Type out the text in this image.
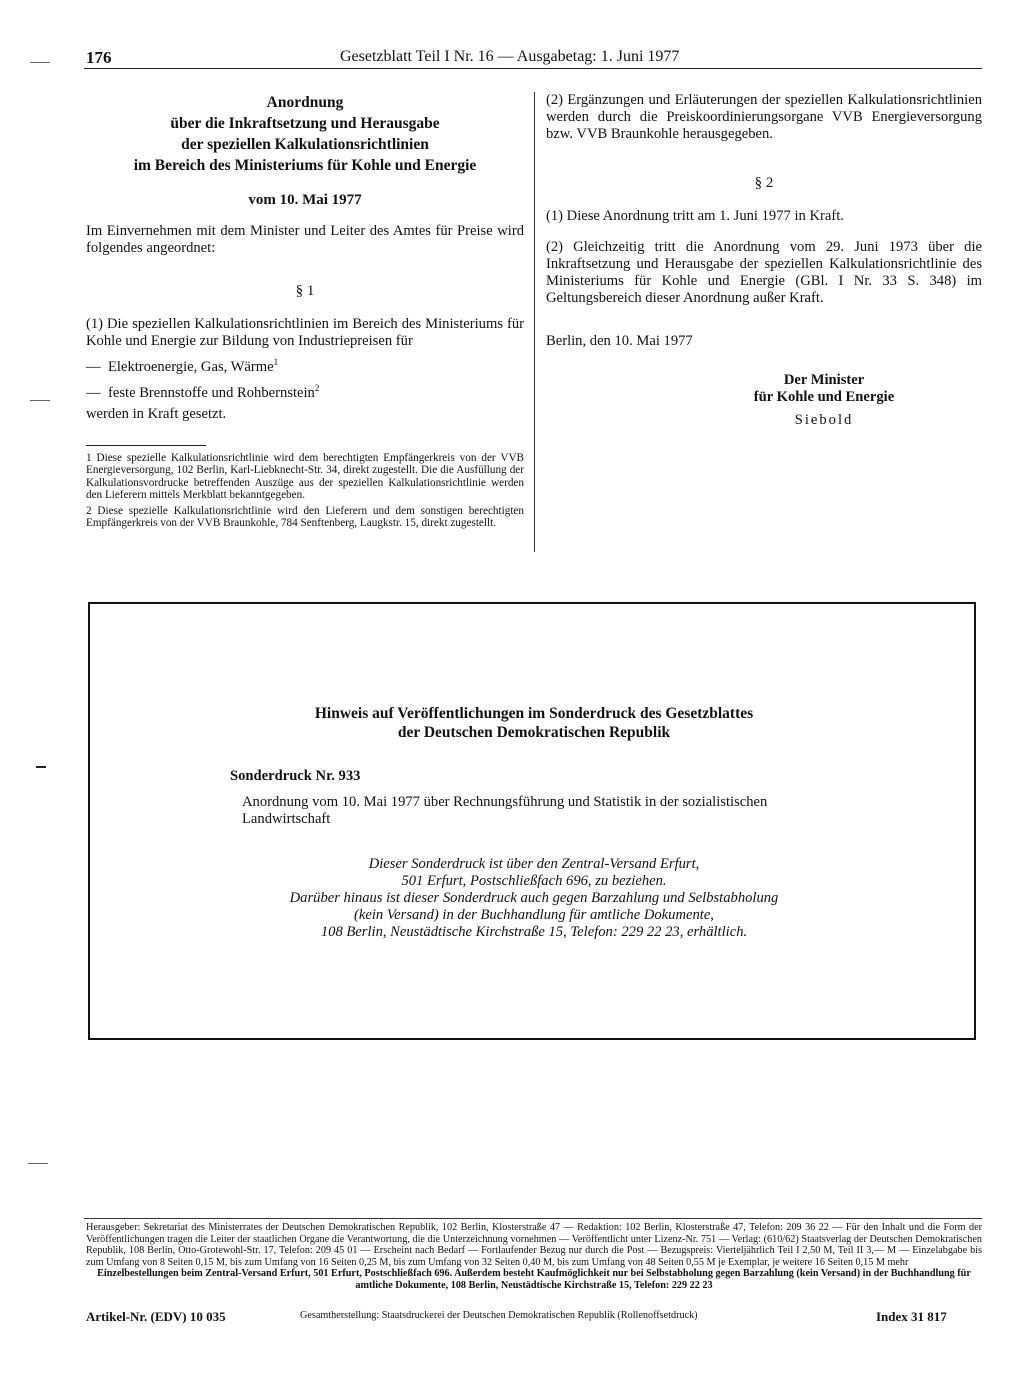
176	Gesetzblatt Teil I Nr. 16 — Ausgabetag: 1. Juni 1977
Anordnung
über die Inkraftsetzung und Herausgabe
der speziellen Kalkulationsrichtlinien
im Bereich des Ministeriums für Kohle und Energie
vom 10. Mai 1977

Im Einvernehmen mit dem Minister und Leiter des Amtes für Preise wird folgendes angeordnet:

§ 1

(1) Die speziellen Kalkulationsrichtlinien im Bereich des Ministeriums für Kohle und Energie zur Bildung von Industriepreisen für

— Elektroenergie, Gas, Wärme$^1$
— feste Brennstoffe und Rohbernstein$^2$
werden in Kraft gesetzt.
1 Diese spezielle Kalkulationsrichtlinie wird dem berechtigten Empfängerkreis von der VVB Energieversorgung, 102 Berlin, Karl-Liebknecht-Str. 34, direkt zugestellt. Die die Ausfüllung der Kalkulationsvordrucke betreffenden Auszüge aus der speziellen Kalkulationsrichtlinie werden den Lieferern mittels Merkblatt bekanntgegeben.
2 Diese spezielle Kalkulationsrichtlinie wird den Lieferern und dem sonstigen berechtigten Empfängerkreis von der VVB Braunkohle, 784 Senftenberg, Laugkstr. 15, direkt zugestellt.

(2) Ergänzungen und Erläuterungen der speziellen Kalkulationsrichtlinien werden durch die Preiskoordinierungsorgane VVB Energieversorgung bzw. VVB Braunkohle herausgegeben.

§ 2

(1) Diese Anordnung tritt am 1. Juni 1977 in Kraft.

(2) Gleichzeitig tritt die Anordnung vom 29. Juni 1973 über die Inkraftsetzung und Herausgabe der speziellen Kalkulationsrichtlinie des Ministeriums für Kohle und Energie (GBl. I Nr. 33 S. 348) im Geltungsbereich dieser Anordnung außer Kraft.

Berlin, den 10. Mai 1977

Der Minister
für Kohle und Energie
Siebold
Hinweis auf Veröffentlichungen im Sonderdruck des Gesetzblattes
der Deutschen Demokratischen Republik
Sonderdruck Nr. 933
Anordnung vom 10. Mai 1977 über Rechnungsführung und Statistik in der sozialistischen Landwirtschaft
Dieser Sonderdruck ist über den Zentral-Versand Erfurt,
501 Erfurt, Postschließfach 696, zu beziehen.
Darüber hinaus ist dieser Sonderdruck auch gegen Barzahlung und Selbstabholung
(kein Versand) in der Buchhandlung für amtliche Dokumente,
108 Berlin, Neustädtische Kirchstraße 15, Telefon: 229 22 23, erhältlich.
Herausgeber: Sekretariat des Ministerrates der Deutschen Demokratischen Republik, 102 Berlin, Klosterstraße 47 — Redaktion: 102 Berlin, Klosterstraße 47, Telefon: 209 36 22 — Für den Inhalt und die Form der Veröffentlichungen tragen die Leiter der staatlichen Organe die Verantwortung, die die Unterzeichnung vornehmen — Veröffentlicht unter Lizenz-Nr. 751 — Verlag: (610/62) Staatsverlag der Deutschen Demokratischen Republik, 108 Berlin, Otto-Grotewohl-Str. 17, Telefon: 209 45 01 — Erscheint nach Bedarf — Fortlaufender Bezug nur durch die Post — Bezugspreis: Vierteljährlich Teil I 2,50 M, Teil II 3,— M — Einzelabgabe bis zum Umfang von 8 Seiten 0,15 M, bis zum Umfang von 16 Seiten 0,25 M, bis zum Umfang von 32 Seiten 0,40 M, bis zum Umfang von 48 Seiten 0,55 M je Exemplar, je weitere 16 Seiten 0,15 M mehr
Einzelbestellungen beim Zentral-Versand Erfurt, 501 Erfurt, Postschließfach 696. Außerdem besteht Kaufmöglichkeit nur bei Selbstabholung gegen Barzahlung (kein Versand) in der Buchhandlung für amtliche Dokumente, 108 Berlin, Neustädtische Kirchstraße 15, Telefon: 229 22 23
Artikel-Nr. (EDV) 10 035	Gesamtherstellung: Staatsdruckerei der Deutschen Demokratischen Republik (Rollenoffsetdruck)	Index 31 817
